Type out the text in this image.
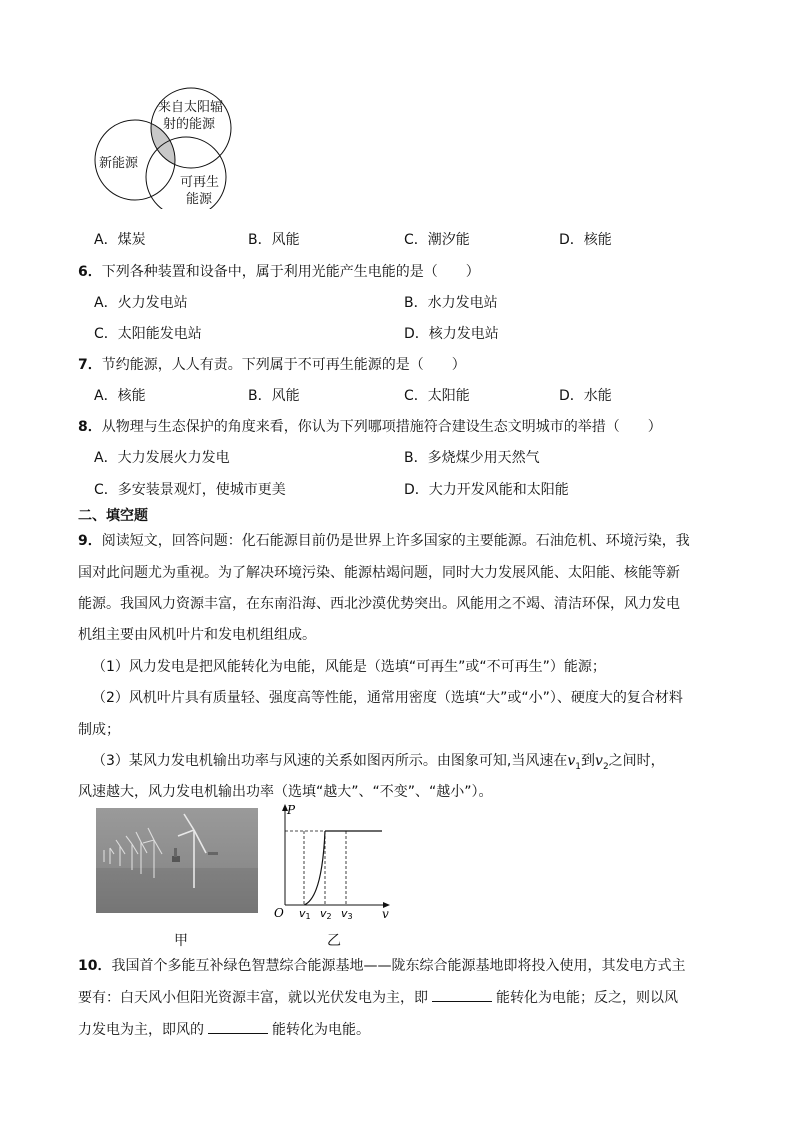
来自太阳辐
射的能源
新能源
可再生
能源
A．煤炭	B．风能	C．潮汐能	D．核能
6．下列各种装置和设备中，属于利用光能产生电能的是（　　）
A．火力发电站	B．水力发电站
C．太阳能发电站	D．核力发电站
7．节约能源，人人有责。下列属于不可再生能源的是（　　）
A．核能	B．风能	C．太阳能	D．水能
8．从物理与生态保护的角度来看，你认为下列哪项措施符合建设生态文明城市的举措（　　）
A．大力发展火力发电	B．多烧煤少用天然气
C．多安装景观灯，使城市更美	D．大力开发风能和太阳能
二、填空题
9．阅读短文，回答问题：化石能源目前仍是世界上许多国家的主要能源。石油危机、环境污染，我
国对此问题尤为重视。为了解决环境污染、能源枯竭问题，同时大力发展风能、太阳能、核能等新
能源。我国风力资源丰富，在东南沿海、西北沙漠优势突出。风能用之不竭、清洁环保，风力发电
机组主要由风机叶片和发电机组组成。
（1）风力发电是把风能转化为电能，风能是（选填“可再生”或“不可再生”）能源；
（2）风机叶片具有质量轻、强度高等性能，通常用密度（选填“大”或“小”）、硬度大的复合材料
制成；
（3）某风力发电机输出功率与风速的关系如图丙所示。由图象可知,当风速在$v_1$到$v_2$之间时，
风速越大，风力发电机输出功率（选填“越大”、“不变”、“越小”）。
甲
P
v
O v1 v2 v3
乙
10．我国首个多能互补绿色智慧综合能源基地——陇东综合能源基地即将投入使用，其发电方式主
要有：白天风小但阳光资源丰富，就以光伏发电为主，即	能转化为电能；反之，则以风
力发电为主，即风的	能转化为电能。
